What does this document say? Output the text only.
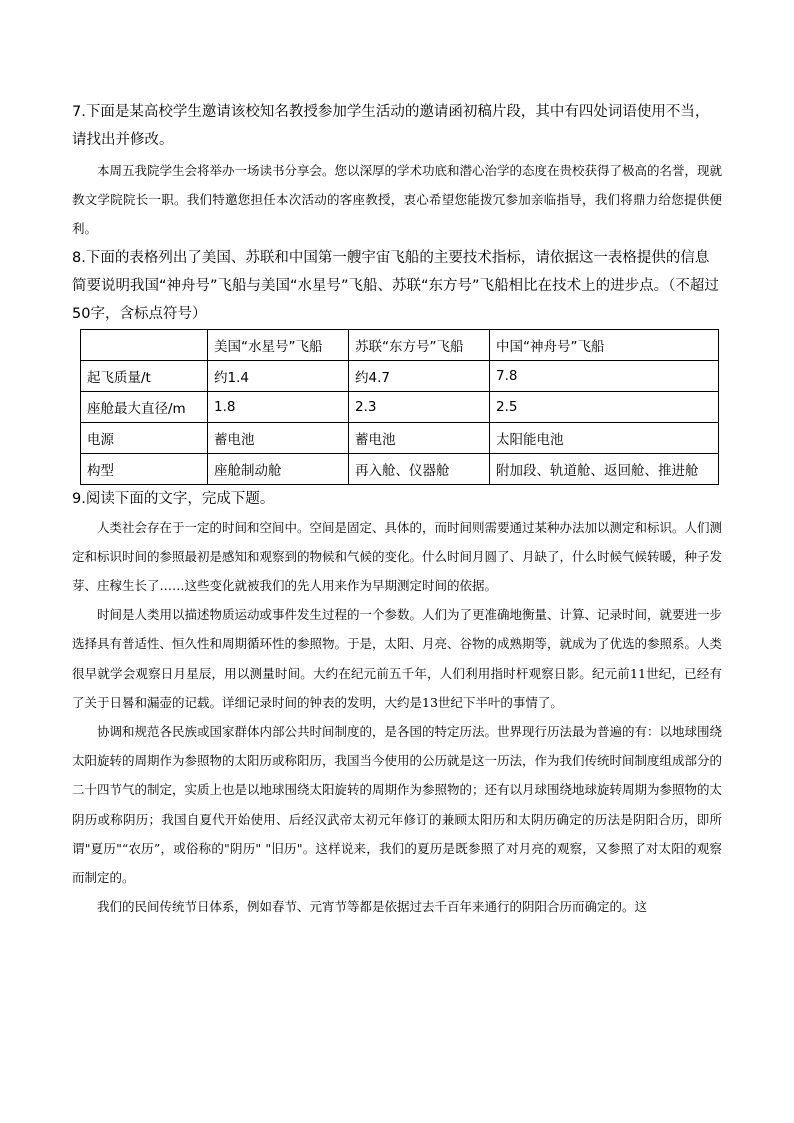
7.下面是某高校学生邀请该校知名教授参加学生活动的邀请函初稿片段，其中有四处词语使用不当，请找出并修改。

本周五我院学生会将举办一场读书分享会。您以深厚的学术功底和潜心治学的态度在贵校获得了极高的名誉，现就教文学院院长一职。我们特邀您担任本次活动的客座教授，衷心希望您能拨冗参加亲临指导，我们将鼎力给您提供便利。

8.下面的表格列出了美国、苏联和中国第一艘宇宙飞船的主要技术指标，请依据这一表格提供的信息简要说明我国“神舟号”飞船与美国“水星号”飞船、苏联“东方号”飞船相比在技术上的进步点。（不超过50字，含标点符号）

	美国“水星号”飞船	苏联“东方号”飞船	中国“神舟号”飞船
起飞质量/t	约1.4	约4.7	7.8
座舱最大直径/m	1.8	2.3	2.5
电源	蓄电池	蓄电池	太阳能电池
构型	座舱制动舱	再入舱、仪器舱	附加段、轨道舱、返回舱、推进舱

9.阅读下面的文字，完成下题。

人类社会存在于一定的时间和空间中。空间是固定、具体的，而时间则需要通过某种办法加以测定和标识。人们测定和标识时间的参照最初是感知和观察到的物候和气候的变化。什么时间月圆了、月缺了，什么时候气候转暖，种子发芽、庄稼生长了……这些变化就被我们的先人用来作为早期测定时间的依据。

时间是人类用以描述物质运动或事件发生过程的一个参数。人们为了更准确地衡量、计算、记录时间，就要进一步选择具有普适性、恒久性和周期循环性的参照物。于是，太阳、月亮、谷物的成熟期等，就成为了优选的参照系。人类很早就学会观察日月星辰，用以测量时间。大约在纪元前五千年，人们利用指时杆观察日影。纪元前11世纪，已经有了关于日晷和漏壶的记载。详细记录时间的钟表的发明，大约是13世纪下半叶的事情了。

协调和规范各民族或国家群体内部公共时间制度的，是各国的特定历法。世界现行历法最为普遍的有：以地球围绕太阳旋转的周期作为参照物的太阳历或称阳历，我国当今使用的公历就是这一历法，作为我们传统时间制度组成部分的二十四节气的制定，实质上也是以地球围绕太阳旋转的周期作为参照物的；还有以月球围绕地球旋转周期为参照物的太阴历或称阴历；我国自夏代开始使用、后经汉武帝太初元年修订的兼顾太阳历和太阴历确定的历法是阴阳合历，即所谓"夏历"“农历”，或俗称的"阴历" "旧历"。这样说来，我们的夏历是既参照了对月亮的观察，又参照了对太阳的观察而制定的。

我们的民间传统节日体系，例如春节、元宵节等都是依据过去千百年来通行的阴阳合历而确定的。这
